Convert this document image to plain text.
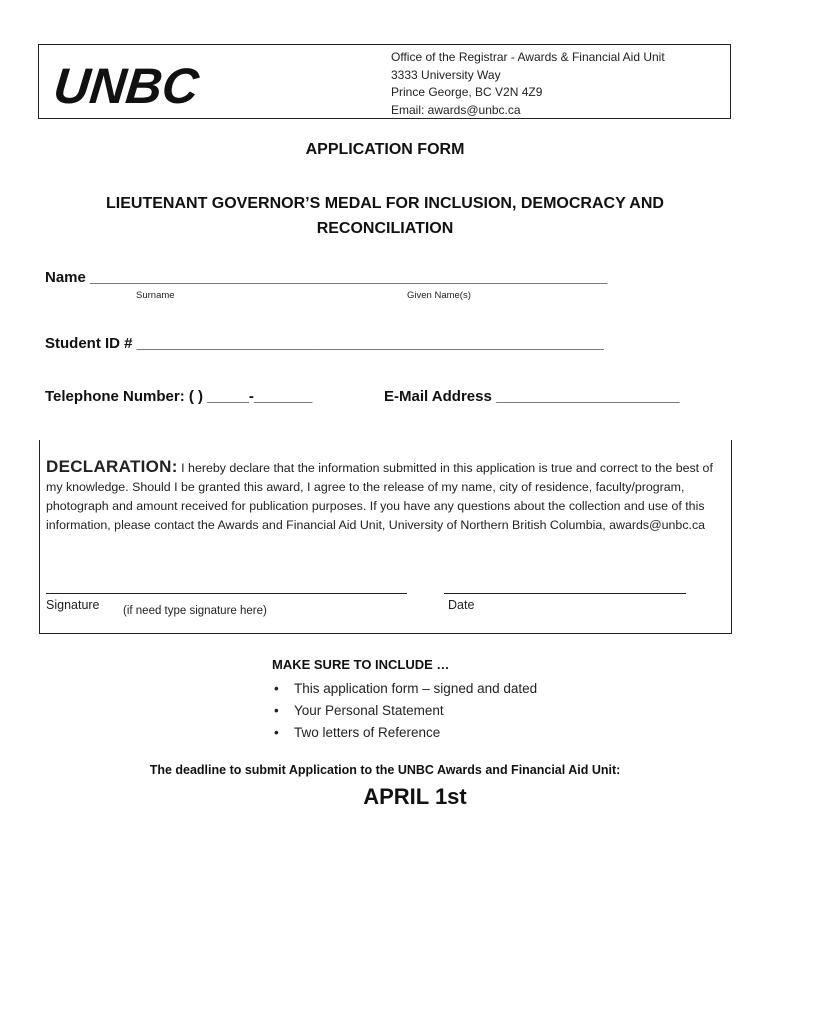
UNBC
Office of the Registrar - Awards & Financial Aid Unit
3333 University Way
Prince George, BC V2N 4Z9
Email: awards@unbc.ca
APPLICATION FORM
LIEUTENANT GOVERNOR’S MEDAL FOR INCLUSION, DEMOCRACY AND
RECONCILIATION
Name ______________________________________________________________
Surname	Given Name(s)
Student ID # ________________________________________________________
Telephone Number: ( ) _____-_______	E-Mail Address ______________________
DECLARATION: I hereby declare that the information submitted in this application is true and correct to the best of my knowledge. Should I be granted this award, I agree to the release of my name, city of residence, faculty/program, photograph and amount received for publication purposes. If you have any questions about the collection and use of this information, please contact the Awards and Financial Aid Unit, University of Northern British Columbia, awards@unbc.ca
Signature (if need type signature here)	Date
MAKE SURE TO INCLUDE …
• This application form – signed and dated
• Your Personal Statement
• Two letters of Reference
The deadline to submit Application to the UNBC Awards and Financial Aid Unit:
APRIL 1st
